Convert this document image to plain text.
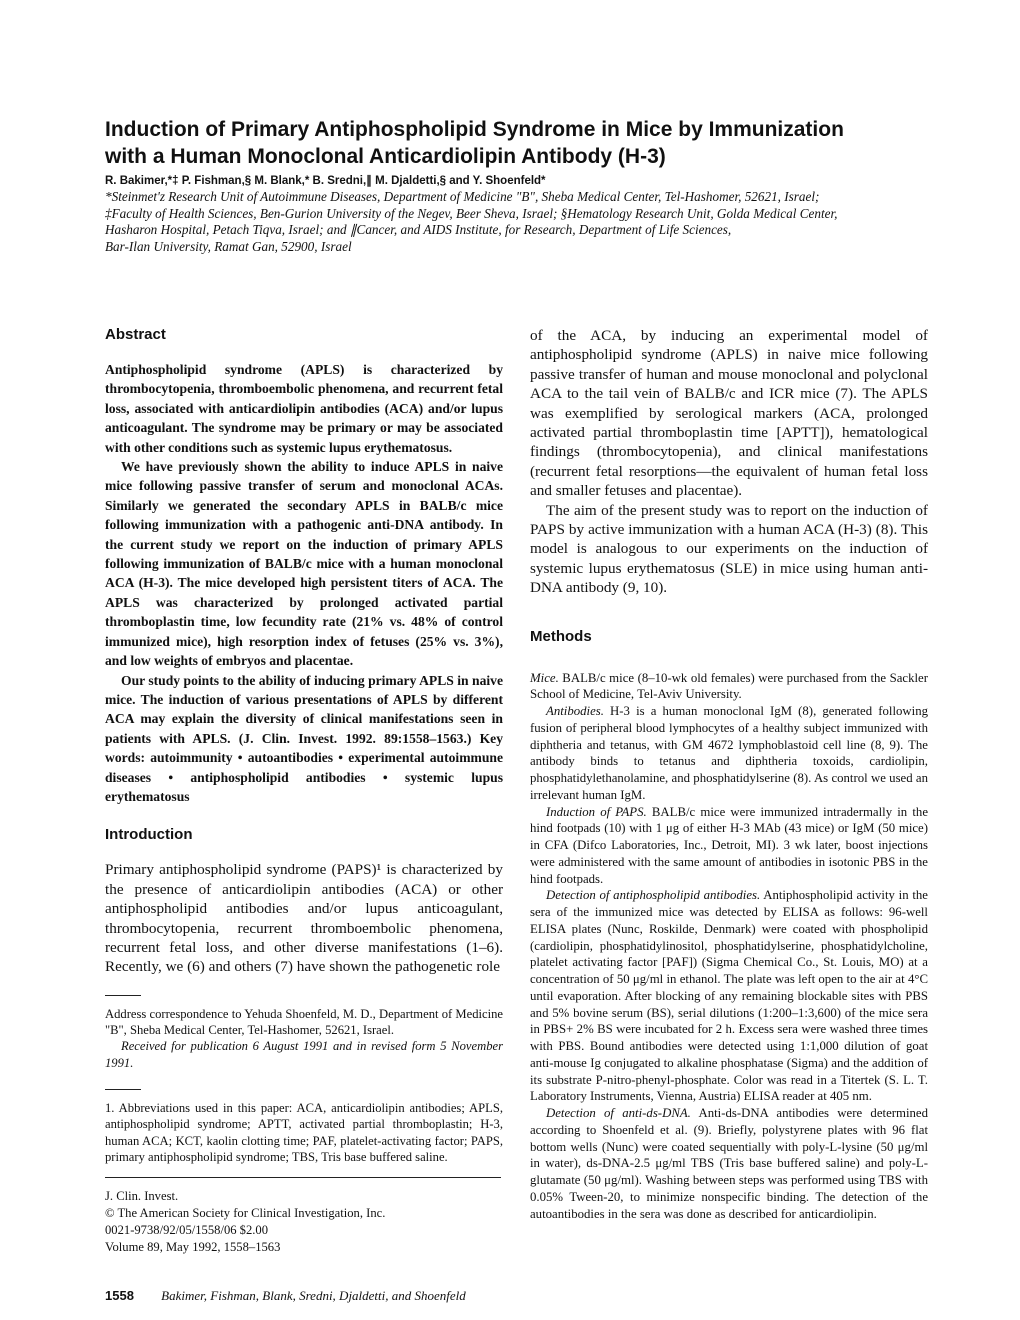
Induction of Primary Antiphospholipid Syndrome in Mice by Immunization
with a Human Monoclonal Anticardiolipin Antibody (H-3)
R. Bakimer,*‡ P. Fishman,§ M. Blank,* B. Sredni,∥ M. Djaldetti,§ and Y. Shoenfeld*
*Steinmet'z Research Unit of Autoimmune Diseases, Department of Medicine "B", Sheba Medical Center, Tel-Hashomer, 52621, Israel;
‡Faculty of Health Sciences, Ben-Gurion University of the Negev, Beer Sheva, Israel; §Hematology Research Unit, Golda Medical Center,
Hasharon Hospital, Petach Tiqva, Israel; and ∥Cancer, and AIDS Institute, for Research, Department of Life Sciences,
Bar-Ilan University, Ramat Gan, 52900, Israel
Abstract

Antiphospholipid syndrome (APLS) is characterized by thrombocytopenia, thromboembolic phenomena, and recurrent fetal loss, associated with anticardiolipin antibodies (ACA) and/or lupus anticoagulant. The syndrome may be primary or may be associated with other conditions such as systemic lupus erythematosus.

We have previously shown the ability to induce APLS in naive mice following passive transfer of serum and monoclonal ACAs. Similarly we generated the secondary APLS in BALB/c mice following immunization with a pathogenic anti-DNA antibody. In the current study we report on the induction of primary APLS following immunization of BALB/c mice with a human monoclonal ACA (H-3). The mice developed high persistent titers of ACA. The APLS was characterized by prolonged activated partial thromboplastin time, low fecundity rate (21% vs. 48% of control immunized mice), high resorption index of fetuses (25% vs. 3%), and low weights of embryos and placentae.

Our study points to the ability of inducing primary APLS in naive mice. The induction of various presentations of APLS by different ACA may explain the diversity of clinical manifestations seen in patients with APLS. (J. Clin. Invest. 1992. 89:1558–1563.) Key words: autoimmunity • autoantibodies • experimental autoimmune diseases • antiphospholipid antibodies • systemic lupus erythematosus

Introduction

Primary antiphospholipid syndrome (PAPS)¹ is characterized by the presence of anticardiolipin antibodies (ACA) or other antiphospholipid antibodies and/or lupus anticoagulant, thrombocytopenia, recurrent thromboembolic phenomena, recurrent fetal loss, and other diverse manifestations (1–6). Recently, we (6) and others (7) have shown the pathogenetic role

Address correspondence to Yehuda Shoenfeld, M. D., Department of Medicine "B", Sheba Medical Center, Tel-Hashomer, 52621, Israel.

Received for publication 6 August 1991 and in revised form 5 November 1991.

1. Abbreviations used in this paper: ACA, anticardiolipin antibodies; APLS, antiphospholipid syndrome; APTT, activated partial thromboplastin; H-3, human ACA; KCT, kaolin clotting time; PAF, platelet-activating factor; PAPS, primary antiphospholipid syndrome; TBS, Tris base buffered saline.

J. Clin. Invest.
© The American Society for Clinical Investigation, Inc.
0021-9738/92/05/1558/06 $2.00
Volume 89, May 1992, 1558–1563

of the ACA, by inducing an experimental model of antiphospholipid syndrome (APLS) in naive mice following passive transfer of human and mouse monoclonal and polyclonal ACA to the tail vein of BALB/c and ICR mice (7). The APLS was exemplified by serological markers (ACA, prolonged activated partial thromboplastin time [APTT]), hematological findings (thrombocytopenia), and clinical manifestations (recurrent fetal resorptions—the equivalent of human fetal loss and smaller fetuses and placentae).

The aim of the present study was to report on the induction of PAPS by active immunization with a human ACA (H-3) (8). This model is analogous to our experiments on the induction of systemic lupus erythematosus (SLE) in mice using human anti-DNA antibody (9, 10).

Methods

Mice. BALB/c mice (8–10-wk old females) were purchased from the Sackler School of Medicine, Tel-Aviv University.

Antibodies. H-3 is a human monoclonal IgM (8), generated following fusion of peripheral blood lymphocytes of a healthy subject immunized with diphtheria and tetanus, with GM 4672 lymphoblastoid cell line (8, 9). The antibody binds to tetanus and diphtheria toxoids, cardiolipin, phosphatidylethanolamine, and phosphatidylserine (8). As control we used an irrelevant human IgM.

Induction of PAPS. BALB/c mice were immunized intradermally in the hind footpads (10) with 1 μg of either H-3 MAb (43 mice) or IgM (50 mice) in CFA (Difco Laboratories, Inc., Detroit, MI). 3 wk later, boost injections were administered with the same amount of antibodies in isotonic PBS in the hind footpads.

Detection of antiphospholipid antibodies. Antiphospholipid activity in the sera of the immunized mice was detected by ELISA as follows: 96-well ELISA plates (Nunc, Roskilde, Denmark) were coated with phospholipid (cardiolipin, phosphatidylinositol, phosphatidylserine, phosphatidylcholine, platelet activating factor [PAF]) (Sigma Chemical Co., St. Louis, MO) at a concentration of 50 μg/ml in ethanol. The plate was left open to the air at 4°C until evaporation. After blocking of any remaining blockable sites with PBS and 5% bovine serum (BS), serial dilutions (1:200–1:3,600) of the mice sera in PBS+ 2% BS were incubated for 2 h. Excess sera were washed three times with PBS. Bound antibodies were detected using 1:1,000 dilution of goat anti-mouse Ig conjugated to alkaline phosphatase (Sigma) and the addition of its substrate P-nitro-phenyl-phosphate. Color was read in a Titertek (S. L. T. Laboratory Instruments, Vienna, Austria) ELISA reader at 405 nm.

Detection of anti-ds-DNA. Anti-ds-DNA antibodies were determined according to Shoenfeld et al. (9). Briefly, polystyrene plates with 96 flat bottom wells (Nunc) were coated sequentially with poly-L-lysine (50 μg/ml in water), ds-DNA-2.5 μg/ml TBS (Tris base buffered saline) and poly-L-glutamate (50 μg/ml). Washing between steps was performed using TBS with 0.05% Tween-20, to minimize nonspecific binding. The detection of the autoantibodies in the sera was done as described for anticardiolipin.

1558 Bakimer, Fishman, Blank, Sredni, Djaldetti, and Shoenfeld
